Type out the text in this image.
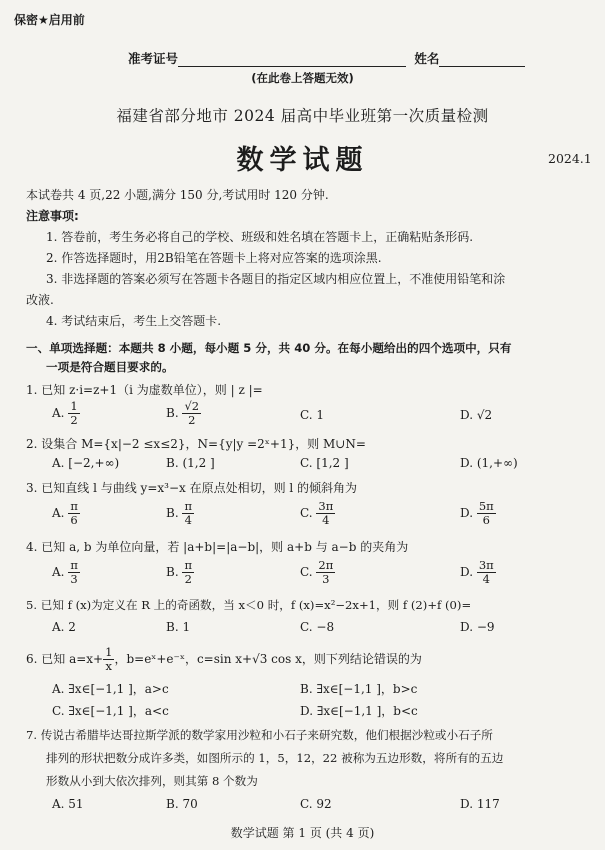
保密★启用前
准考证号	姓名
(在此卷上答题无效)
福建省部分地市 2024 届高中毕业班第一次质量检测
数学试题	2024.1
本试卷共 4 页,22 小题,满分 150 分,考试用时 120 分钟.
注意事项:
1. 答卷前，考生务必将自己的学校、班级和姓名填在答题卡上，正确粘贴条形码.
2. 作答选择题时，用2B铅笔在答题卡上将对应答案的选项涂黑.
3. 非选择题的答案必须写在答题卡各题目的指定区域内相应位置上，不准使用铅笔和涂
改液.
4. 考试结束后，考生上交答题卡.
一、单项选择题：本题共 8 小题，每小题 5 分，共 40 分。在每小题给出的四个选项中，只有
一项是符合题目要求的。
1. 已知 z·i=z+1（i 为虚数单位），则 | z |=
A. $\frac{1}{2}$	B. $\frac{√2}{2}$	C. 1	D. √2
2. 设集合 M={x|−2 ≤x≤2}，N={y|y =2ˣ+1}，则 M∪N=
A. [−2,+∞)	B. (1,2 ]	C. [1,2 ]	D. (1,+∞)
3. 已知直线 l 与曲线 y=x³−x 在原点处相切，则 l 的倾斜角为
A. $\frac{\pi}{6}$	B. $\frac{\pi}{4}$	C. $\frac{3\pi}{4}$	D. $\frac{5\pi}{6}$
4. 已知 a, b 为单位向量，若 |a+b|=|a−b|，则 a+b 与 a−b 的夹角为
A. $\frac{\pi}{3}$	B. $\frac{\pi}{2}$	C. $\frac{2\pi}{3}$	D. $\frac{3\pi}{4}$
5. 已知 f (x)为定义在 R 上的奇函数，当 x＜0 时，f (x)=x²−2x+1，则 f (2)+f (0)=
A. 2	B. 1	C. −8	D. −9
6. 已知 $a=x+ \frac{1}{x}$ ，b=eˣ+e⁻ˣ，c=sin x+√3 cos x，则下列结论错误的为
A. ∃x∈[−1,1 ]，a>c	B. ∃x∈[−1,1 ]，b>c
C. ∃x∈[−1,1 ]，a<c	D. ∃x∈[−1,1 ]，b<c
7. 传说古希腊毕达哥拉斯学派的数学家用沙粒和小石子来研究数，他们根据沙粒或小石子所
排列的形状把数分成许多类，如图所示的 1，5，12，22 被称为五边形数，将所有的五边
形数从小到大依次排列，则其第 8 个数为
A. 51	B. 70	C. 92	D. 117
数学试题 第 1 页 (共 4 页)
